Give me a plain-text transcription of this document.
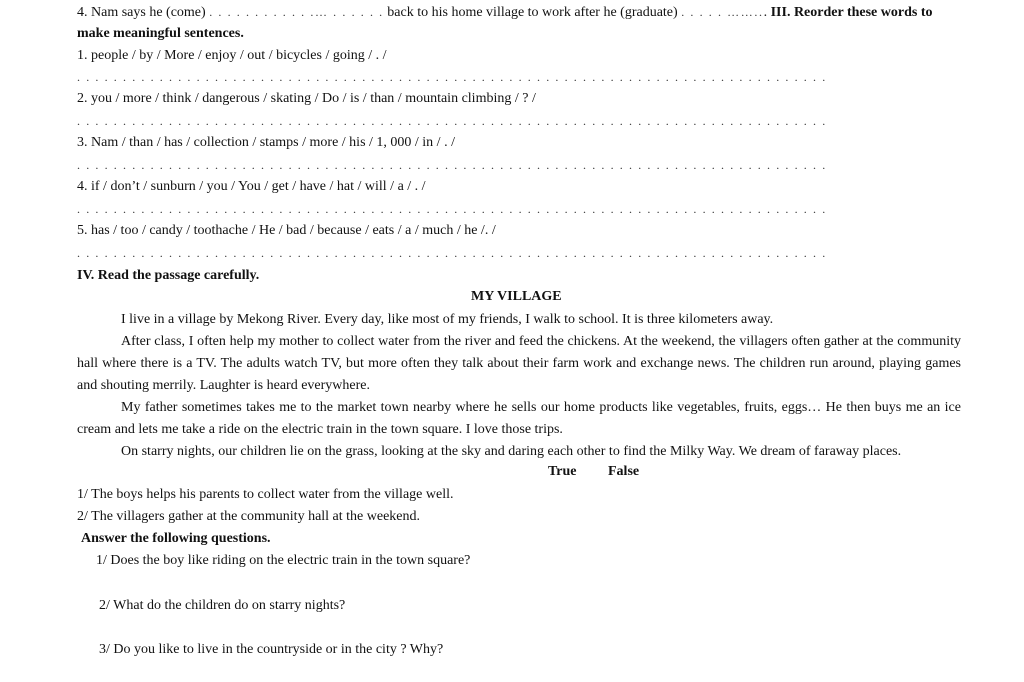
4. Nam says he (come) . . . . . . . . . . . .… . . . . . . back to his home village to work after he (graduate) . . . . . ……... III. Reorder these words to
make meaningful sentences.
1. people / by / More / enjoy / out / bicycles / going / . /
. . . . . . . . . . . . . . . . . . . . . . . . . . . . . . . . . . . . . . . . . . . . . . . . . . . . . . . . . . . . . . . . . . . . . . . . . . . . . . . . . .
2. you / more / think / dangerous / skating / Do / is / than / mountain climbing / ? /
. . . . . . . . . . . . . . . . . . . . . . . . . . . . . . . . . . . . . . . . . . . . . . . . . . . . . . . . . . . . . . . . . . . . . . . . . . . . . . . . . .
3. Nam / than / has / collection / stamps / more / his / 1, 000 / in / . /
. . . . . . . . . . . . . . . . . . . . . . . . . . . . . . . . . . . . . . . . . . . . . . . . . . . . . . . . . . . . . . . . . . . . . . . . . . . . . . . . . .
4. if / don’t / sunburn / you / You / get / have / hat / will / a / . /
. . . . . . . . . . . . . . . . . . . . . . . . . . . . . . . . . . . . . . . . . . . . . . . . . . . . . . . . . . . . . . . . . . . . . . . . . . . . . . . . . .
5. has / too / candy / toothache / He / bad / because / eats / a / much / he /. /
. . . . . . . . . . . . . . . . . . . . . . . . . . . . . . . . . . . . . . . . . . . . . . . . . . . . . . . . . . . . . . . . . . . . . . . . . . . . . . . . . .
IV. Read the passage carefully.
MY VILLAGE
I live in a village by Mekong River. Every day, like most of my friends, I walk to school. It is three kilometers away.
After class, I often help my mother to collect water from the river and feed the chickens. At the weekend, the villagers often gather at the community hall where there is a TV. The adults watch TV, but more often they talk about their farm work and exchange news. The children run around, playing games and shouting merrily. Laughter is heard everywhere.
My father sometimes takes me to the market town nearby where he sells our home products like vegetables, fruits, eggs… He then buys me an ice cream and lets me take a ride on the electric train in the town square. I love those trips.
On starry nights, our children lie on the grass, looking at the sky and daring each other to find the Milky Way. We dream of faraway places.
True False
1/ The boys helps his parents to collect water from the village well.
2/ The villagers gather at the community hall at the weekend.
Answer the following questions.
1/ Does the boy like riding on the electric train in the town square?
2/ What do the children do on starry nights?
3/ Do you like to live in the countryside or in the city ? Why?
